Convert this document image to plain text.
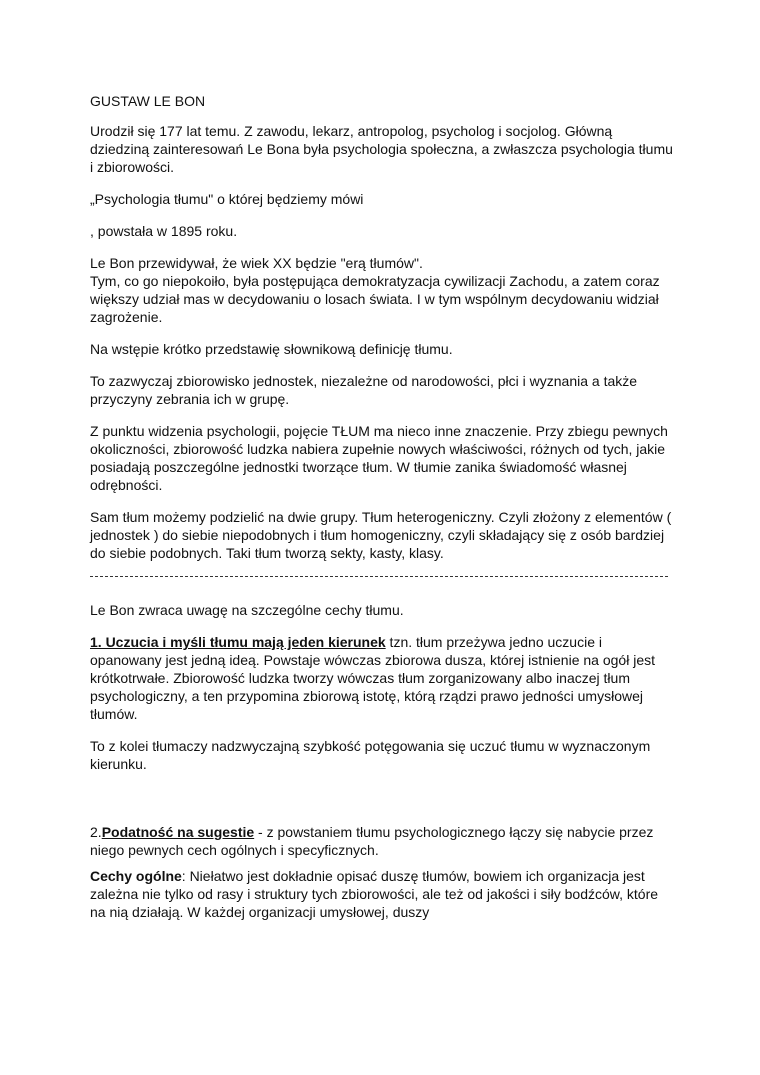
GUSTAW LE BON

Urodził się 177 lat temu. Z zawodu, lekarz, antropolog, psycholog i socjolog. Główną dziedziną zainteresowań Le Bona była psychologia społeczna, a zwłaszcza psychologia tłumu i zbiorowości.

„Psychologia tłumu" o której będziemy mówi

, powstała w 1895 roku.

Le Bon przewidywał, że wiek XX będzie "erą tłumów".

Tym, co go niepokoiło, była postępująca demokratyzacja cywilizacji Zachodu, a zatem coraz większy udział mas w decydowaniu o losach świata. I w tym wspólnym decydowaniu widział zagrożenie.

Na wstępie krótko przedstawię słownikową definicję tłumu.

To zazwyczaj zbiorowisko jednostek, niezależne od narodowości, płci i wyznania a także przyczyny zebrania ich w grupę.

Z punktu widzenia psychologii, pojęcie TŁUM ma nieco inne znaczenie. Przy zbiegu pewnych okoliczności, zbiorowość ludzka nabiera zupełnie nowych właściwości, różnych od tych, jakie posiadają poszczególne jednostki tworzące tłum. W tłumie zanika świadomość własnej odrębności.

Sam tłum możemy podzielić na dwie grupy. Tłum heterogeniczny. Czyli złożony z elementów ( jednostek ) do siebie niepodobnych i tłum homogeniczny, czyli składający się z osób bardziej do siebie podobnych. Taki tłum tworzą sekty, kasty, klasy.

Le Bon zwraca uwagę na szczególne cechy tłumu.

1. Uczucia i myśli tłumu mają jeden kierunek tzn. tłum przeżywa jedno uczucie i opanowany jest jedną ideą. Powstaje wówczas zbiorowa dusza, której istnienie na ogół jest krótkotrwałe. Zbiorowość ludzka tworzy wówczas tłum zorganizowany albo inaczej tłum psychologiczny, a ten przypomina zbiorową istotę, którą rządzi prawo jedności umysłowej tłumów.

To z kolei tłumaczy nadzwyczajną szybkość potęgowania się uczuć tłumu w wyznaczonym kierunku.

2.Podatność na sugestie - z powstaniem tłumu psychologicznego łączy się nabycie przez niego pewnych cech ogólnych i specyficznych.

Cechy ogólne: Niełatwo jest dokładnie opisać duszę tłumów, bowiem ich organizacja jest zależna nie tylko od rasy i struktury tych zbiorowości, ale też od jakości i siły bodźców, które na nią działają. W każdej organizacji umysłowej, duszy
